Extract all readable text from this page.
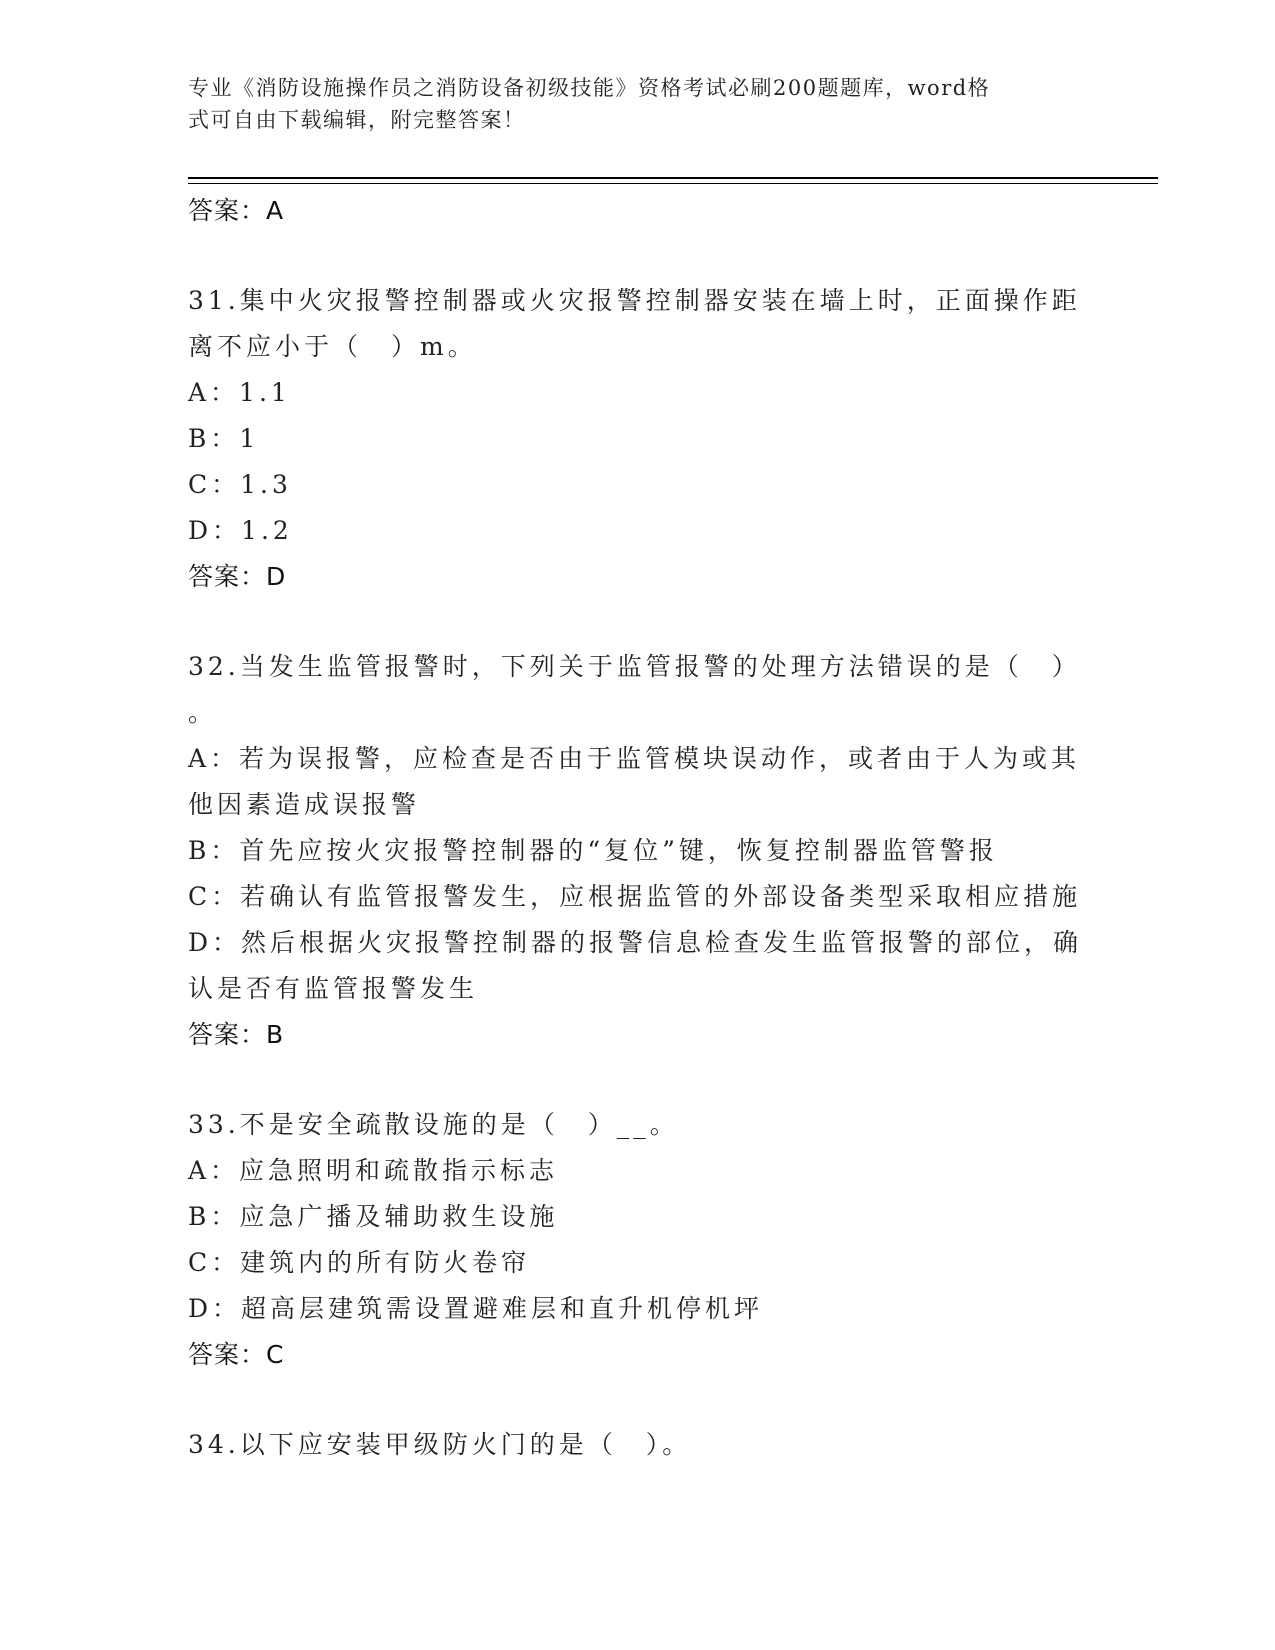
专业《消防设施操作员之消防设备初级技能》资格考试必刷200题题库，word格
式可自由下载编辑，附完整答案！

答案：A

31.集中火灾报警控制器或火灾报警控制器安装在墙上时，正面操作距

离不应小于（　）m。

A：1.1

B：1

C：1.3

D：1.2

答案：D

32.当发生监管报警时，下列关于监管报警的处理方法错误的是（　）

。

A：若为误报警，应检查是否由于监管模块误动作，或者由于人为或其

他因素造成误报警

B：首先应按火灾报警控制器的“复位”键，恢复控制器监管警报

C：若确认有监管报警发生，应根据监管的外部设备类型采取相应措施

D：然后根据火灾报警控制器的报警信息检查发生监管报警的部位，确

认是否有监管报警发生

答案：B

33.不是安全疏散设施的是（　）__。

A：应急照明和疏散指示标志

B：应急广播及辅助救生设施

C：建筑内的所有防火卷帘

D：超高层建筑需设置避难层和直升机停机坪

答案：C

34.以下应安装甲级防火门的是（　）。
